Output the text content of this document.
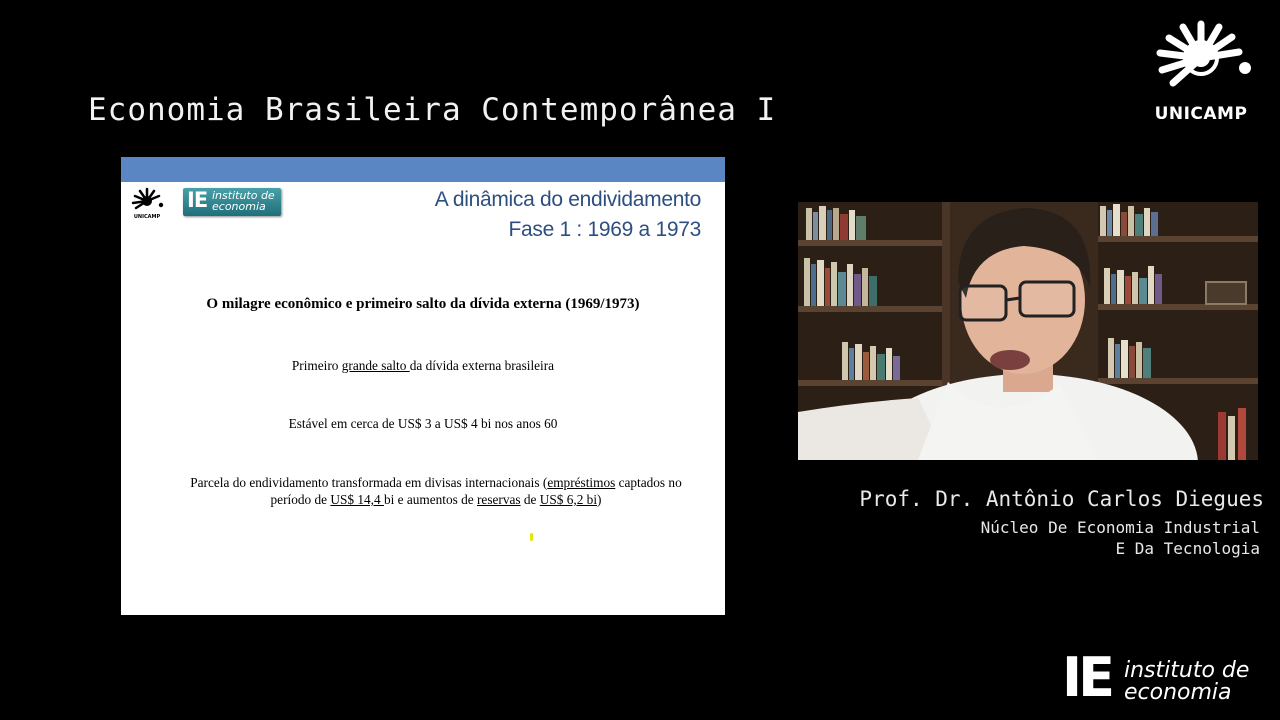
Economia Brasileira Contemporânea I	UNICAMP
UNICAMP
IE instituto de
economia	A dinâmica do endividamento
Fase 1 : 1969 a 1973
O milagre econômico e primeiro salto da dívida externa (1969/1973)
Primeiro grande salto da dívida externa brasileira
Estável em cerca de US$ 3 a US$ 4 bi nos anos 60
Parcela do endividamento transformada em divisas internacionais (empréstimos captados no período de US$ 14,4 bi e aumentos de reservas de US$ 6,2 bi)	Prof. Dr. Antônio Carlos Diegues
Núcleo De Economia Industrial
E Da Tecnologia
IE instituto de
economia
